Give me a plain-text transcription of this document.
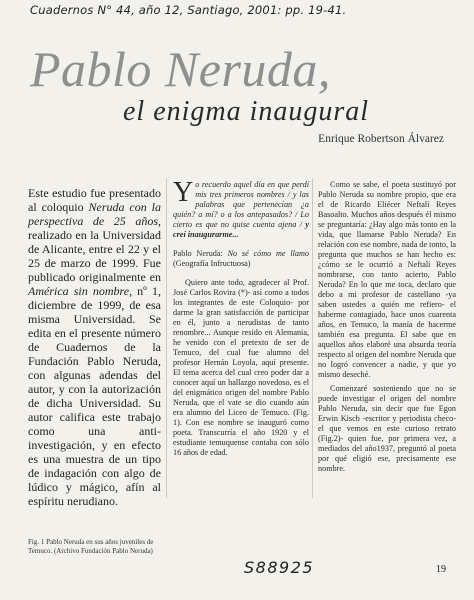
Cuadernos N° 44, año 12, Santiago, 2001: pp. 19-41.
Pablo Neruda,
el enigma inaugural
Enrique Robertson Álvarez

Este estudio fue presentado al coloquio Neruda con la perspectiva de 25 años, realizado en la Universidad de Alicante, entre el 22 y el 25 de marzo de 1999. Fue publicado originalmente en América sin nombre, nº 1, diciembre de 1999, de esa misma Universidad. Se edita en el presente número de Cuadernos de la Fundación Pablo Neruda, con algunas adendas del autor, y con la autorización de dicha Universidad. Su autor califica este trabajo como una anti-investigación, y en efecto es una muestra de un tipo de indagación con algo de lúdico y mágico, afín al espíritu nerudiano.

Fig. 1 Pablo Neruda en sus años juveniles de Temuco. (Archivo Fundación Pablo Neruda)

Yo recuerdo aquel día en que perdí mis tres primeros nombres / y las palabras que pertenecían ¿a quién? a mí? o a los antepasados? / Lo cierto es que no quise cuenta ajena / y creí inaugurarme...

Pablo Neruda: No sé cómo me llamo (Geografía Infructuosa)

Quiero ante todo, agradecer al Prof. José Carlos Rovira (*)- así como a todos los integrantes de este Coloquio- por darme la gran satisfacción de participar en él, junto a nerudistas de tanto renombre... Aunque resido en Alemania, he venido con el pretexto de ser de Temuco, del cual fue alumno del profesor Hernán Loyola, aquí presente. El tema acerca del cual creo poder dar a conocer aquí un hallazgo novedoso, es el del enigmático origen del nombre Pablo Neruda, que el vate se dio cuando aún era alumno del Liceo de Temuco. (Fig. 1). Con ese nombre se inauguró como poeta. Transcurría el año 1920 y el estudiante temuquense contaba con sólo 16 años de edad.

Como se sabe, el poeta sustituyó por Pablo Neruda su nombre propio, que era el de Ricardo Eliécer Neftalí Reyes Basoalto. Muchos años después él mismo se preguntaría: ¿Hay algo más tonto en la vida, que llamarse Pablo Neruda? En relación con ese nombre, nada de tonto, la pregunta que muchos se han hecho es: ¿cómo se le ocurrió a Neftalí Reyes nombrarse, con tanto acierto, Pablo Neruda? En lo que me toca, declaro que debo a mi profesor de castellano -ya saben ustedes a quién me refiero- el haberme contagiado, hace unos cuarenta años, en Temuco, la manía de hacerme también esa pregunta. El sabe que en aquellos años elaboré una absurda teoría respecto al origen del nombre Neruda que no logró convencer a nadie, y que yo mismo deseché.

Comenzaré sosteniendo que no se puede investigar el origen del nombre Pablo Neruda, sin decir que fue Egon Erwin Kisch -escritor y periodista checo- el que vemos en este curioso retrato (Fig.2)- quien fue, por primera vez, a mediados del año1937, preguntó al poeta por qué eligió ese, precisamente ese nombre.

S88925	19
